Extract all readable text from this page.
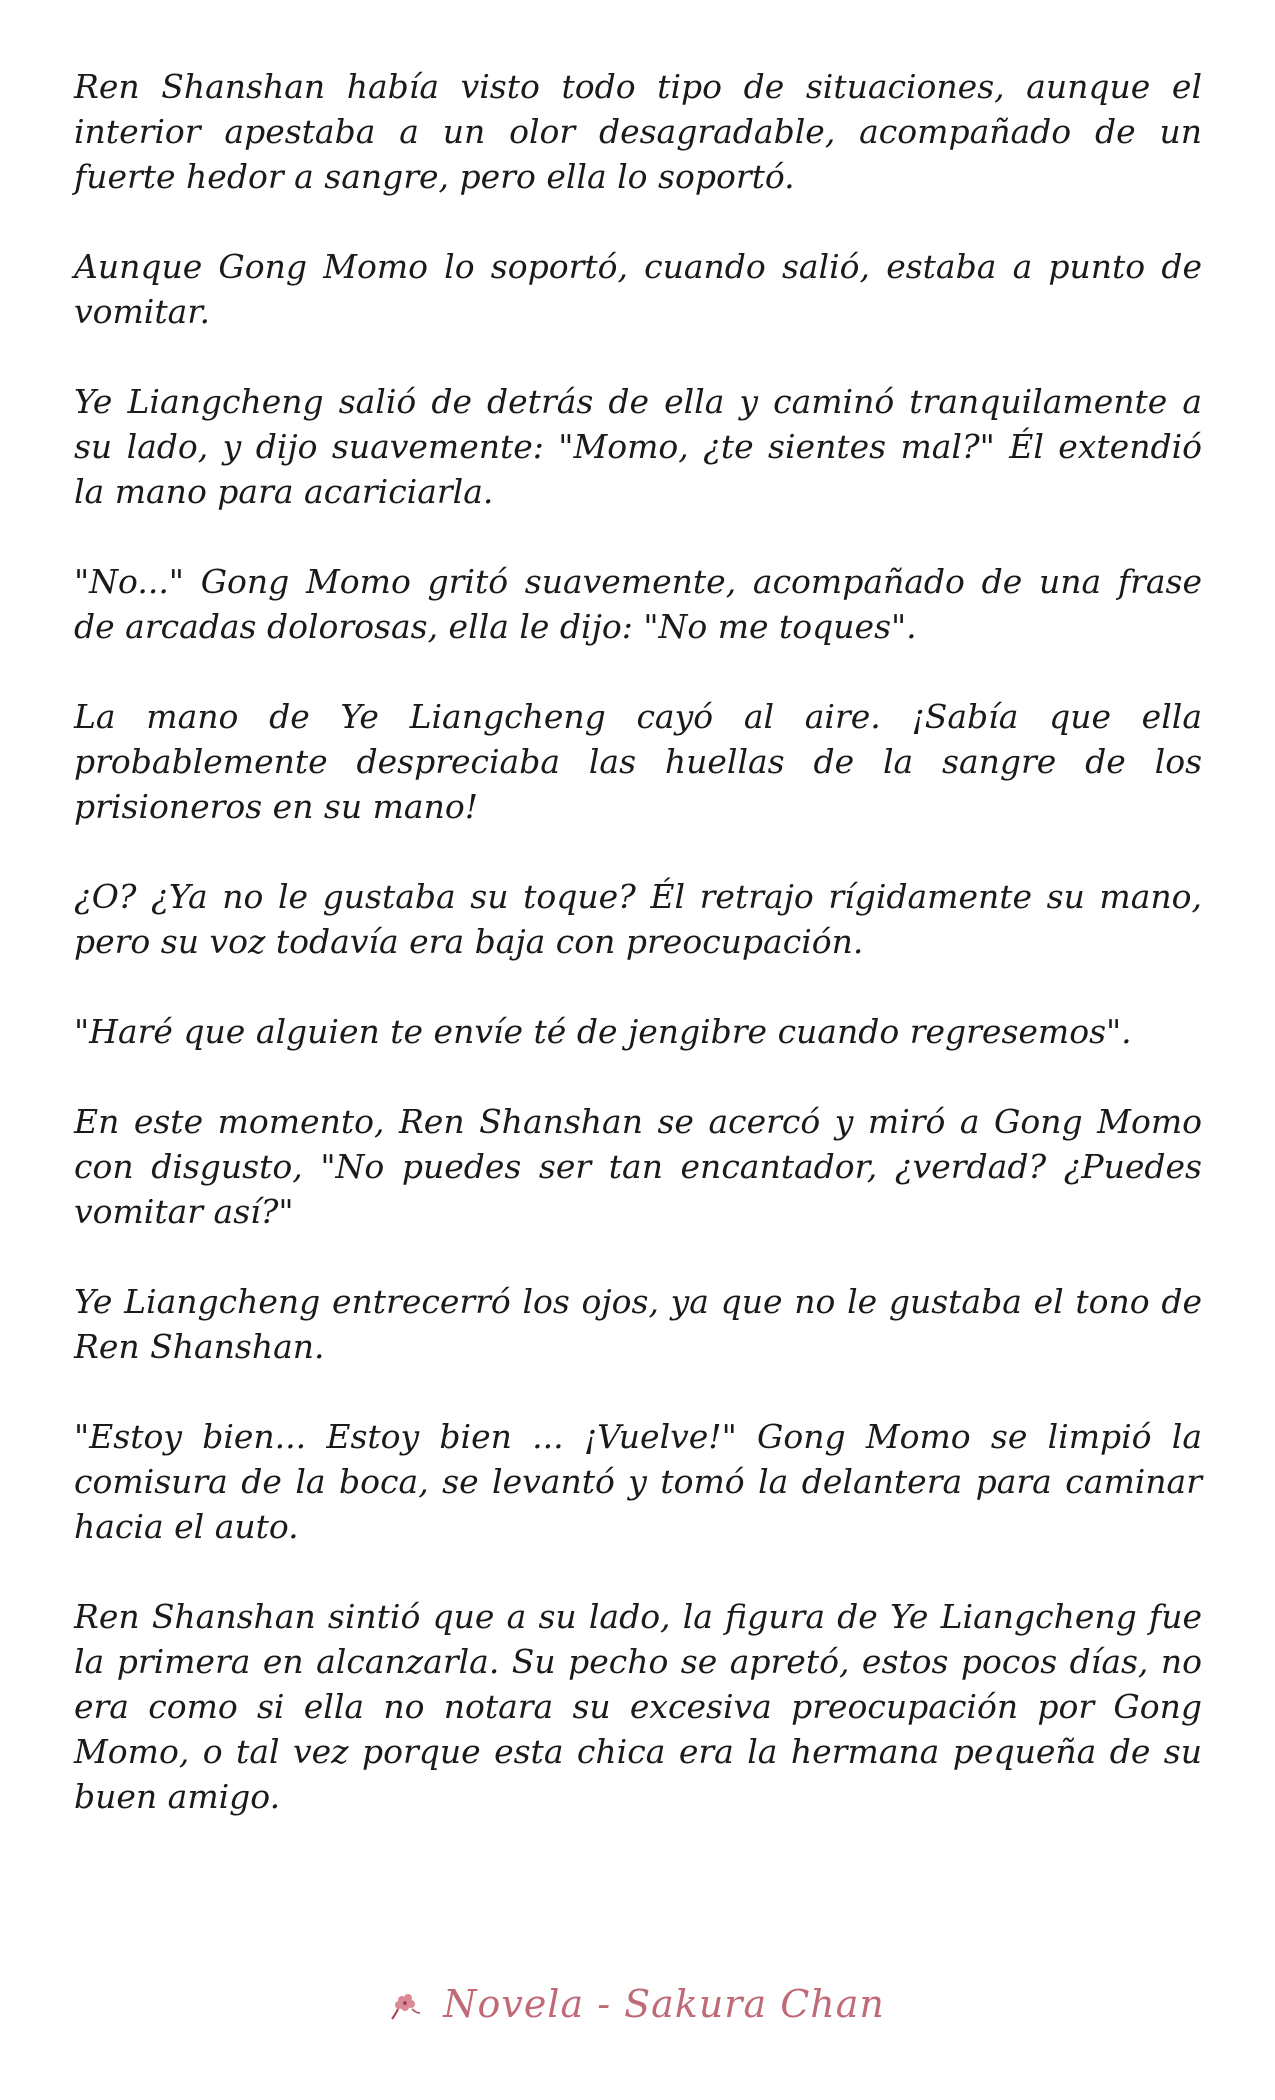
Ren Shanshan había visto todo tipo de situaciones, aunque el interior apestaba a un olor desagradable, acompañado de un fuerte hedor a sangre, pero ella lo soportó.

Aunque Gong Momo lo soportó, cuando salió, estaba a punto de vomitar.

Ye Liangcheng salió de detrás de ella y caminó tranquilamente a su lado, y dijo suavemente: "Momo, ¿te sientes mal?" Él extendió la mano para acariciarla.

"No..." Gong Momo gritó suavemente, acompañado de una frase de arcadas dolorosas, ella le dijo: "No me toques".

La mano de Ye Liangcheng cayó al aire. ¡Sabía que ella probablemente despreciaba las huellas de la sangre de los prisioneros en su mano!

¿O? ¿Ya no le gustaba su toque? Él retrajo rígidamente su mano, pero su voz todavía era baja con preocupación.

"Haré que alguien te envíe té de jengibre cuando regresemos".

En este momento, Ren Shanshan se acercó y miró a Gong Momo con disgusto, "No puedes ser tan encantador, ¿verdad? ¿Puedes vomitar así?"

Ye Liangcheng entrecerró los ojos, ya que no le gustaba el tono de Ren Shanshan.

"Estoy bien... Estoy bien ... ¡Vuelve!" Gong Momo se limpió la comisura de la boca, se levantó y tomó la delantera para caminar hacia el auto.

Ren Shanshan sintió que a su lado, la figura de Ye Liangcheng fue la primera en alcanzarla. Su pecho se apretó, estos pocos días, no era como si ella no notara su excesiva preocupación por Gong Momo, o tal vez porque esta chica era la hermana pequeña de su buen amigo.

Novela - Sakura Chan
